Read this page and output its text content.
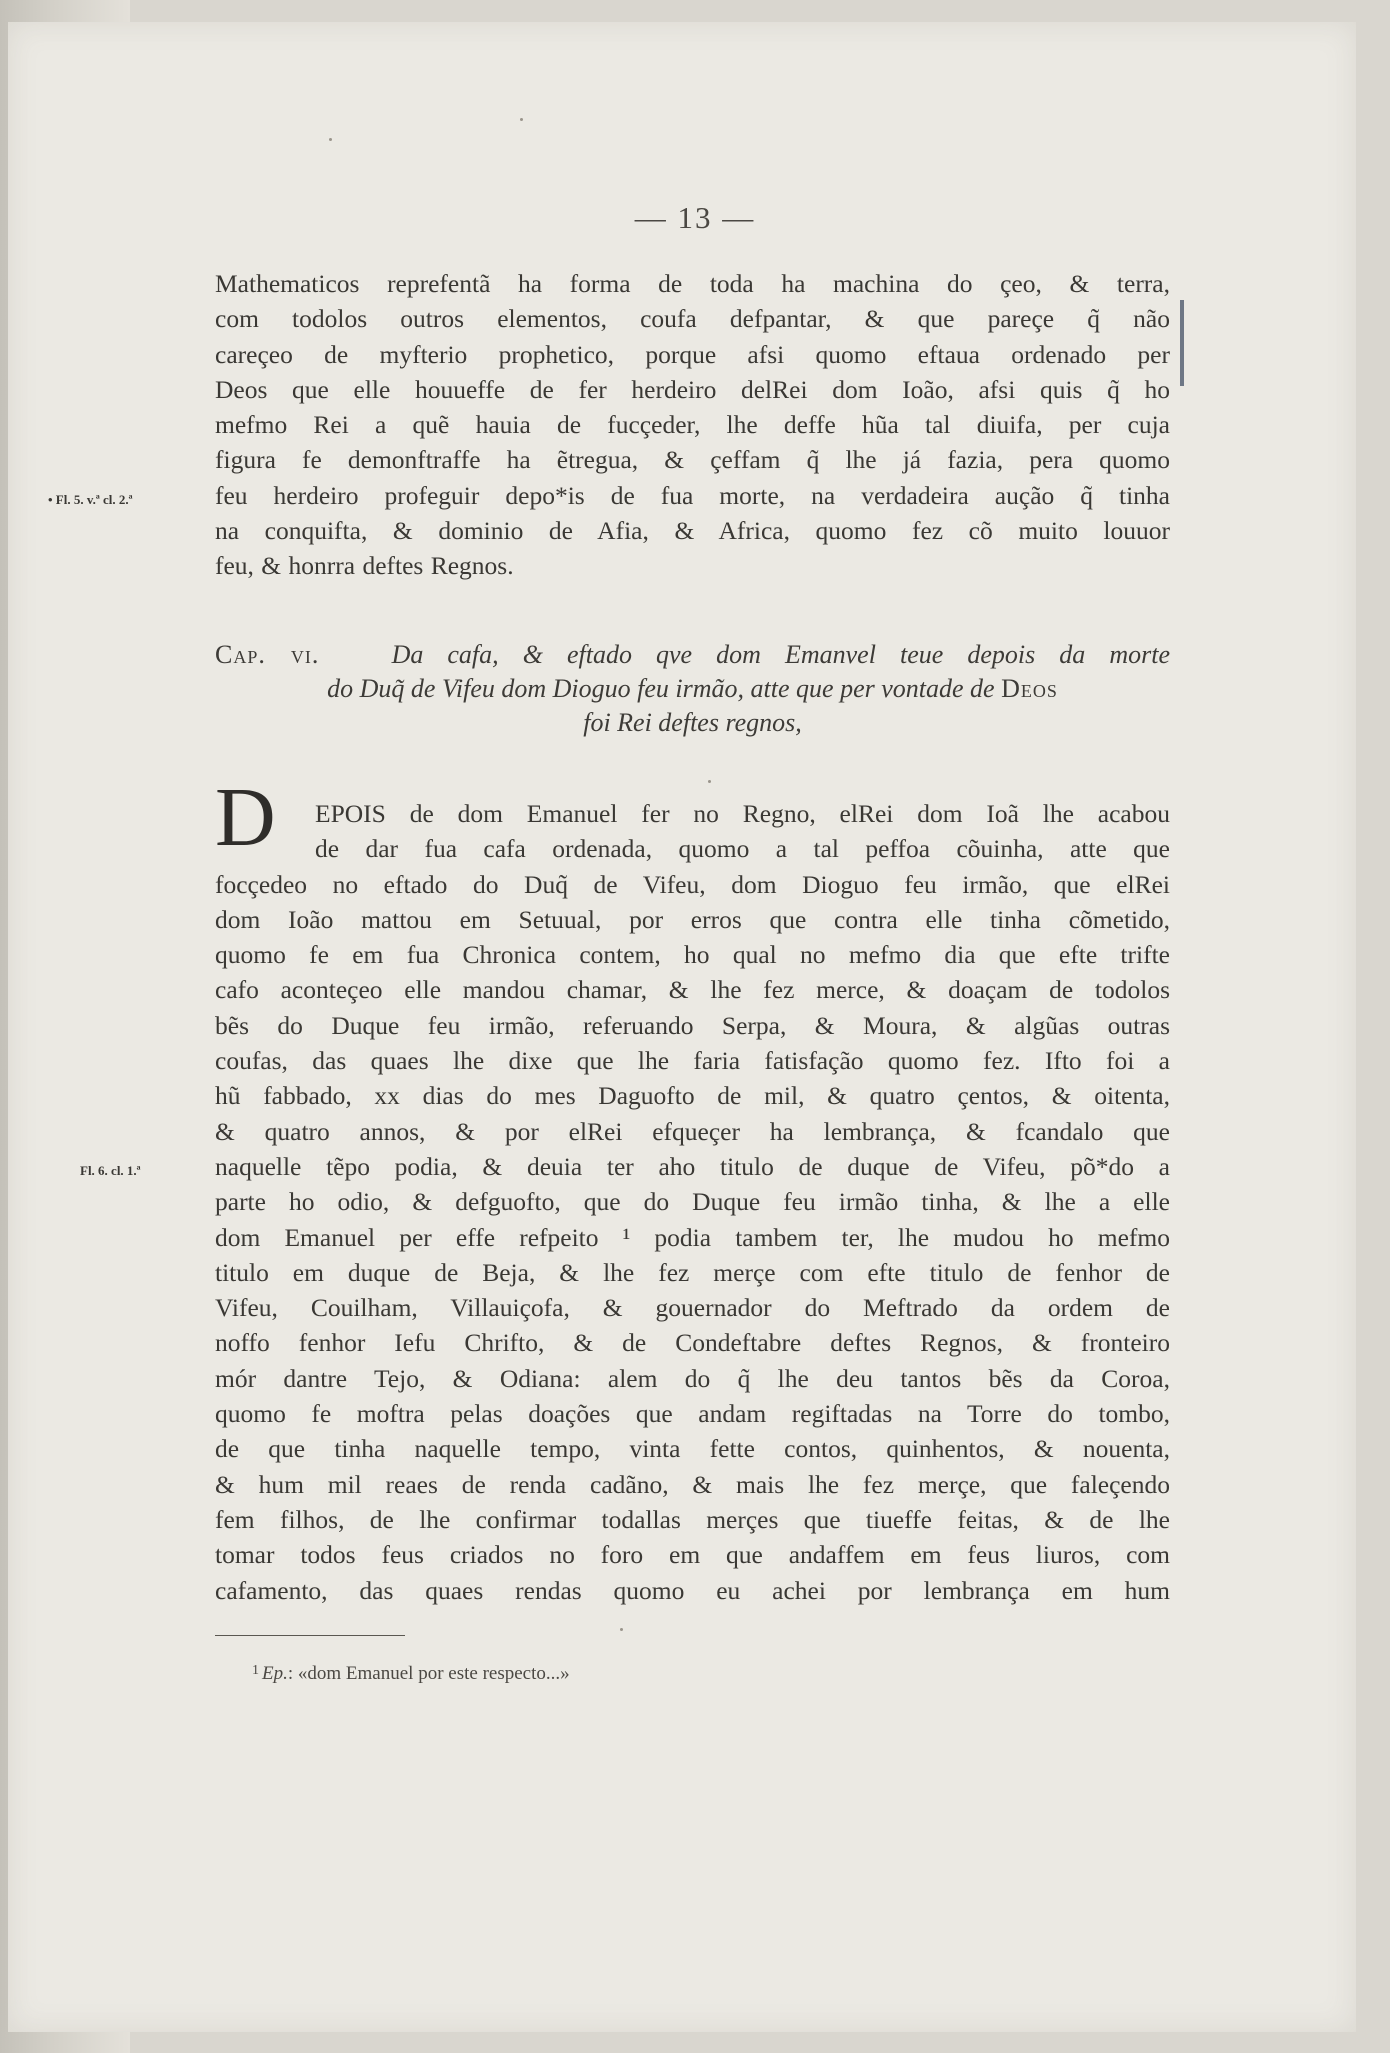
— 13 —
Mathematicos reprefentã ha forma de toda ha machina do çeo, & terra,
com todolos outros elementos, coufa defpantar, & que pareçe q̃ não
careçeo de myfterio prophetico, porque afsi quomo eftaua ordenado per
Deos que elle houueffe de fer herdeiro delRei dom Ioão, afsi quis q̃ ho
mefmo Rei a quẽ hauia de fucçeder, lhe deffe hũa tal diuifa, per cuja
figura fe demonftraffe ha ẽtregua, & çeffam q̃ lhe já fazia, pera quomo
feu herdeiro profeguir depo*is de fua morte, na verdadeira aução q̃ tinha
na conquifta, & dominio de Afia, & Africa, quomo fez cõ muito louuor
feu, & honrra deftes Regnos.
• Fl. 5. v.ª cl. 2.ª
Cap. vi.	Da cafa, & eftado qve dom Emanvel teue depois da morte
do Duq̃ de Vifeu dom Dioguo feu irmão, atte que per vontade de Deos
foi Rei deftes regnos,
D	EPOIS de dom Emanuel fer no Regno, elRei dom Ioã lhe acabou
de dar fua cafa ordenada, quomo a tal peffoa cõuinha, atte que
focçedeo no eftado do Duq̃ de Vifeu, dom Dioguo feu irmão, que elRei
dom Ioão mattou em Setuual, por erros que contra elle tinha cõmetido,
quomo fe em fua Chronica contem, ho qual no mefmo dia que efte trifte
cafo aconteçeo elle mandou chamar, & lhe fez merce, & doaçam de todolos
bẽs do Duque feu irmão, referuando Serpa, & Moura, & algũas outras
coufas, das quaes lhe dixe que lhe faria fatisfação quomo fez. Ifto foi a
hũ fabbado, xx dias do mes Daguofto de mil, & quatro çentos, & oitenta,
& quatro annos, & por elRei efqueçer ha lembrança, & fcandalo que
naquelle tẽpo podia, & deuia ter aho titulo de duque de Vifeu, põ*do a
parte ho odio, & defguofto, que do Duque feu irmão tinha, & lhe a elle
dom Emanuel per effe refpeito ¹ podia tambem ter, lhe mudou ho mefmo
titulo em duque de Beja, & lhe fez merçe com efte titulo de fenhor de
Vifeu, Couilham, Villauiçofa, & gouernador do Meftrado da ordem de
noffo fenhor Iefu Chrifto, & de Condeftabre deftes Regnos, & fronteiro
mór dantre Tejo, & Odiana: alem do q̃ lhe deu tantos bẽs da Coroa,
quomo fe moftra pelas doações que andam regiftadas na Torre do tombo,
de que tinha naquelle tempo, vinta fette contos, quinhentos, & nouenta,
& hum mil reaes de renda cadãno, & mais lhe fez merçe, que faleçendo
fem filhos, de lhe confirmar todallas merçes que tiueffe feitas, & de lhe
tomar todos feus criados no foro em que andaffem em feus liuros, com
cafamento, das quaes rendas quomo eu achei por lembrança em hum
Fl. 6. cl. 1.ª
1 Ep.: «dom Emanuel por este respecto...»
